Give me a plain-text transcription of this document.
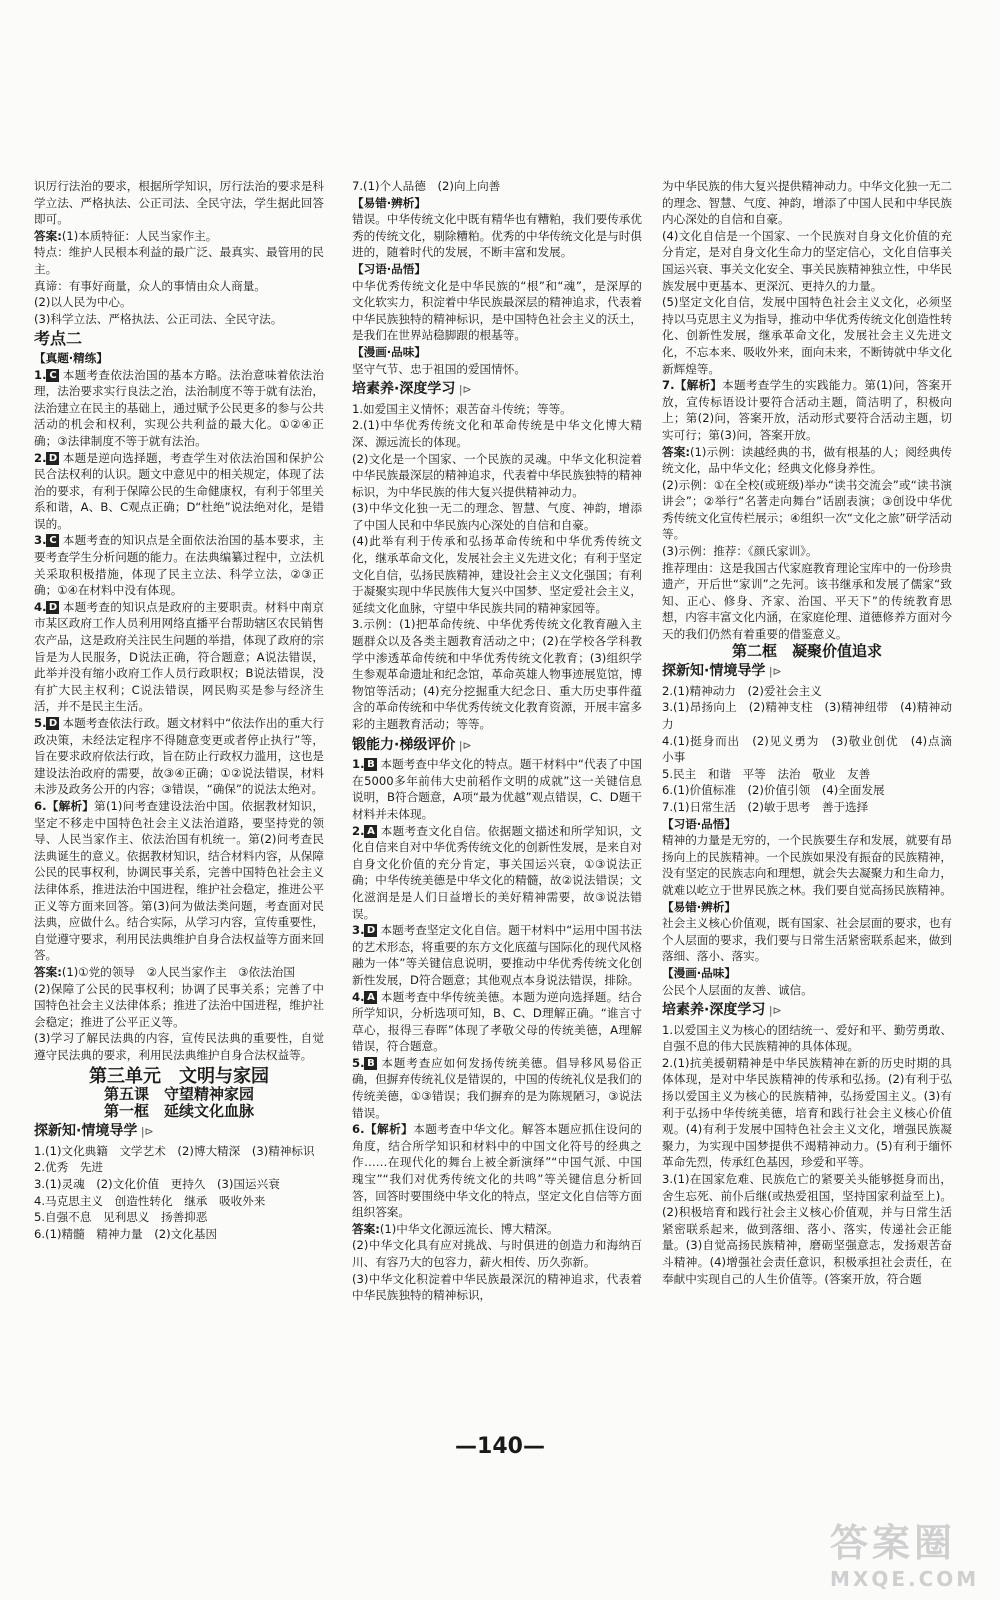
识厉行法治的要求，根据所学知识，厉行法治的要求是科学立法、严格执法、公正司法、全民守法，学生据此回答即可。

答案:(1)本质特征：人民当家作主。

特点：维护人民根本利益的最广泛、最真实、最管用的民主。

真谛：有事好商量，众人的事情由众人商量。

(2)以人民为中心。

(3)科学立法、严格执法、公正司法、全民守法。

考点二

【真题·精练】

1. C 本题考查依法治国的基本方略。法治意味着依法治理，法治要求实行良法之治，法治制度不等于就有法治，法治建立在民主的基础上，通过赋予公民更多的参与公共活动的机会和权利，实现公共利益的最大化。①②④正确；③法律制度不等于就有法治。

2. D 本题是逆向选择题，考查学生对依法治国和保护公民合法权利的认识。题文中意见中的相关规定，体现了法治的要求，有利于保障公民的生命健康权，有利于邻里关系和谐，A、B、C观点正确；D“杜绝”说法绝对化，是错误的。

3. C 本题考查的知识点是全面依法治国的基本要求，主要考查学生分析问题的能力。在法典编纂过程中，立法机关采取积极措施，体现了民主立法、科学立法，②③正确；①④在材料中没有体现。

4. D 本题考查的知识点是政府的主要职责。材料中南京市某区政府工作人员利用网络直播平台帮助辖区农民销售农产品，这是政府关注民生问题的举措，体现了政府的宗旨是为人民服务，D说法正确，符合题意；A说法错误，此举并没有缩小政府工作人员行政职权；B说法错误，没有扩大民主权利；C说法错误，网民购买是参与经济生活，并不是民主生活。

5. D 本题考查依法行政。题文材料中“依法作出的重大行政决策，未经法定程序不得随意变更或者停止执行”等，旨在要求政府依法行政，旨在防止行政权力滥用，这也是建设法治政府的需要，故③④正确；①②说法错误，材料未涉及政务公开的内容；③错误，“确保”的说法太绝对。

6.【解析】第(1)问考查建设法治中国。依据教材知识，坚定不移走中国特色社会主义法治道路，要坚持党的领导、人民当家作主、依法治国有机统一。第(2)问考查民法典诞生的意义。依据教材知识，结合材料内容，从保障公民的民事权利，协调民事关系，完善中国特色社会主义法律体系，推进法治中国进程，维护社会稳定，推进公平正义等方面来回答。第(3)问为做法类问题，考查面对民法典，应做什么。结合实际，从学习内容，宣传重要性，自觉遵守要求，利用民法典维护自身合法权益等方面来回答。

答案:(1)①党的领导　②人民当家作主　③依法治国

(2)保障了公民的民事权利；协调了民事关系；完善了中国特色社会主义法律体系；推进了法治中国进程，维护社会稳定；推进了公平正义等。

(3)学习了解民法典的内容，宣传民法典的重要性，自觉遵守民法典的要求，利用民法典维护自身合法权益等。

第三单元　文明与家园
第五课　守望精神家园
第一框　延续文化血脉
探新知·情境导学 |⊳

1.(1)文化典籍　文学艺术　(2)博大精深　(3)精神标识

2.优秀　先进

3.(1)灵魂　(2)文化价值　更持久　(3)国运兴衰

4.马克思主义　创造性转化　继承　吸收外来

5.自强不息　见利思义　扬善抑恶

6.(1)精髓　精神力量　(2)文化基因

7.(1)个人品德　(2)向上向善

【易错·辨析】

错误。中华传统文化中既有精华也有糟粕，我们要传承优秀的传统文化，剔除糟粕。优秀的中华传统文化是与时俱进的，随着时代的发展，不断丰富和发展。

【习语·品悟】

中华优秀传统文化是中华民族的“根”和“魂”，是深厚的文化软实力，积淀着中华民族最深层的精神追求，代表着中华民族独特的精神标识，是中国特色社会主义的沃土，是我们在世界站稳脚跟的根基等。

【漫画·品味】

坚守气节、忠于祖国的爱国情怀。

培素养·深度学习 |⊳

1.如爱国主义情怀；艰苦奋斗传统；等等。

2.(1)中华优秀传统文化和革命传统是中华文化博大精深、源远流长的体现。

(2)文化是一个国家、一个民族的灵魂。中华文化积淀着中华民族最深层的精神追求，代表着中华民族独特的精神标识，为中华民族的伟大复兴提供精神动力。

(3)中华文化独一无二的理念、智慧、气度、神韵，增添了中国人民和中华民族内心深处的自信和自豪。

(4)此举有利于传承和弘扬革命传统和中华优秀传统文化，继承革命文化，发展社会主义先进文化；有利于坚定文化自信，弘扬民族精神，建设社会主义文化强国；有利于凝聚实现中华民族伟大复兴中国梦、坚定爱社会主义，延续文化血脉，守望中华民族共同的精神家园等。

3.示例：(1)把革命传统、中华优秀传统文化教育融入主题群众以及各类主题教育活动之中；(2)在学校各学科教学中渗透革命传统和中华优秀传统文化教育；(3)组织学生参观革命遗址和纪念馆，革命英雄人物事迹展览馆，博物馆等活动；(4)充分挖掘重大纪念日、重大历史事件蕴含的革命传统和中华优秀传统文化教育资源，开展丰富多彩的主题教育活动；等等。

锻能力·梯级评价 |⊳

1. B 本题考查中华文化的特点。题干材料中“代表了中国在5000多年前伟大史前稻作文明的成就”这一关键信息说明，B符合题意，A项“最为优越”观点错误，C、D题干材料并未体现。

2. A 本题考查文化自信。依据题文描述和所学知识，文化自信来自对中华优秀传统文化的创新性发展，是来自对自身文化价值的充分肯定，事关国运兴衰，①③说法正确；中华传统美德是中华文化的精髓，故②说法错误；文化滋润是是人们日益增长的美好精神需要，故③说法错误。

3. D 本题考查坚定文化自信。题干材料中“运用中国书法的艺术形态，将重要的东方文化底蕴与国际化的现代风格融为一体”等关键信息说明，要推动中华优秀传统文化创新性发展，D符合题意；其他观点本身说法错误，排除。

4. A 本题考查中华传统美德。本题为逆向选择题。结合所学知识，分析选项可知，B、C、D理解正确。“谁言寸草心，报得三春晖”体现了孝敬父母的传统美德，A理解错误，符合题意。

5. B 本题考查应如何发扬传统美德。倡导移风易俗正确，但摒弃传统礼仪是错误的，中国的传统礼仪是我们的传统美德，①③错误；我们摒弃的是为陈规陋习，③说法错误。

6.【解析】本题考查中华文化。解答本题应抓住设问的角度，结合所学知识和材料中的中国文化符号的经典之作……在现代化的舞台上被全新演绎”“中国气派、中国瑰宝”“我们对优秀传统文化的共鸣”等关键信息分析回答，回答时要围绕中华文化的特点，坚定文化自信等方面组织答案。

答案:(1)中华文化源远流长、博大精深。

(2)中华文化具有应对挑战、与时俱进的创造力和海纳百川、有容乃大的包容力，薪火相传、历久弥新。

(3)中华文化积淀着中华民族最深沉的精神追求，代表着中华民族独特的精神标识，

为中华民族的伟大复兴提供精神动力。中华文化独一无二的理念、智慧、气度、神韵，增添了中国人民和中华民族内心深处的自信和自豪。

(4)文化自信是一个国家、一个民族对自身文化价值的充分肯定，是对自身文化生命力的坚定信心，文化自信事关国运兴衰、事关文化安全、事关民族精神独立性，中华民族发展中更基本、更深沉、更持久的力量。

(5)坚定文化自信，发展中国特色社会主义文化，必须坚持以马克思主义为指导，推动中华优秀传统文化创造性转化、创新性发展，继承革命文化，发展社会主义先进文化，不忘本来、吸收外来，面向未来，不断铸就中华文化新辉煌等。

7.【解析】本题考查学生的实践能力。第(1)问，答案开放，宣传标语设计要符合活动主题，简洁明了，积极向上；第(2)问，答案开放，活动形式要符合活动主题，切实可行；第(3)问，答案开放。

答案:(1)示例：读越经典的书，做有根基的人；阅经典传统文化，品中华文化；经典文化修身养性。

(2)示例：①在全校(或班级)举办“读书交流会”或“读书演讲会”；②举行“名著走向舞台”话剧表演；③创设中华优秀传统文化宣传栏展示；④组织一次“文化之旅”研学活动等。

(3)示例：推荐：《颜氏家训》。

推荐理由：这是我国古代家庭教育理论宝库中的一份珍贵遗产，开后世“家训”之先河。该书继承和发展了儒家“致知、正心、修身、齐家、治国、平天下”的传统教育思想，内容丰富文化内涵，在家庭伦理、道德修养方面对今天的我们仍然有着重要的借鉴意义。

第二框　凝聚价值追求
探新知·情境导学 |⊳

2.(1)精神动力　(2)爱社会主义

3.(1)昂扬向上　(2)精神支柱　(3)精神纽带　(4)精神动力

4.(1)挺身而出　(2)见义勇为　(3)敬业创优　(4)点滴　小事

5.民主　和谐　平等　法治　敬业　友善

6.(1)价值标准　(2)价值引领　(4)全面发展

7.(1)日常生活　(2)敏于思考　善于选择

【习语·品悟】

精神的力量是无穷的，一个民族要生存和发展，就要有昂扬向上的民族精神。一个民族如果没有振奋的民族精神，没有坚定的民族志向和理想，就会失去凝聚力和生命力，就难以屹立于世界民族之林。我们要自觉高扬民族精神。

【易错·辨析】

社会主义核心价值观，既有国家、社会层面的要求，也有个人层面的要求，我们要与日常生活紧密联系起来，做到落细、落小、落实。

【漫画·品味】

公民个人层面的友善、诚信。

培素养·深度学习 |⊳

1.以爱国主义为核心的团结统一、爱好和平、勤劳勇敢、自强不息的伟大民族精神的具体体现。

2.(1)抗美援朝精神是中华民族精神在新的历史时期的具体体现，是对中华民族精神的传承和弘扬。(2)有利于弘扬以爱国主义为核心的民族精神，弘扬爱国主义。(3)有利于弘扬中华传统美德，培育和践行社会主义核心价值观。(4)有利于发展中国特色社会主义文化，增强民族凝聚力，为实现中国梦提供不竭精神动力。(5)有利于缅怀革命先烈，传承红色基因，珍爱和平等。

3.(1)在国家危难、民族危亡的紧要关头能够挺身而出，舍生忘死、前仆后继(或热爱祖国，坚持国家利益至上)。(2)积极培育和践行社会主义核心价值观，并与日常生活紧密联系起来，做到落细、落小、落实，传递社会正能量。(3)自觉高扬民族精神，磨砺坚强意志，发扬艰苦奋斗精神。(4)增强社会责任意识，积极承担社会责任，在奉献中实现自己的人生价值等。(答案开放，符合题

—140—
答案圈
MXQE.COM
